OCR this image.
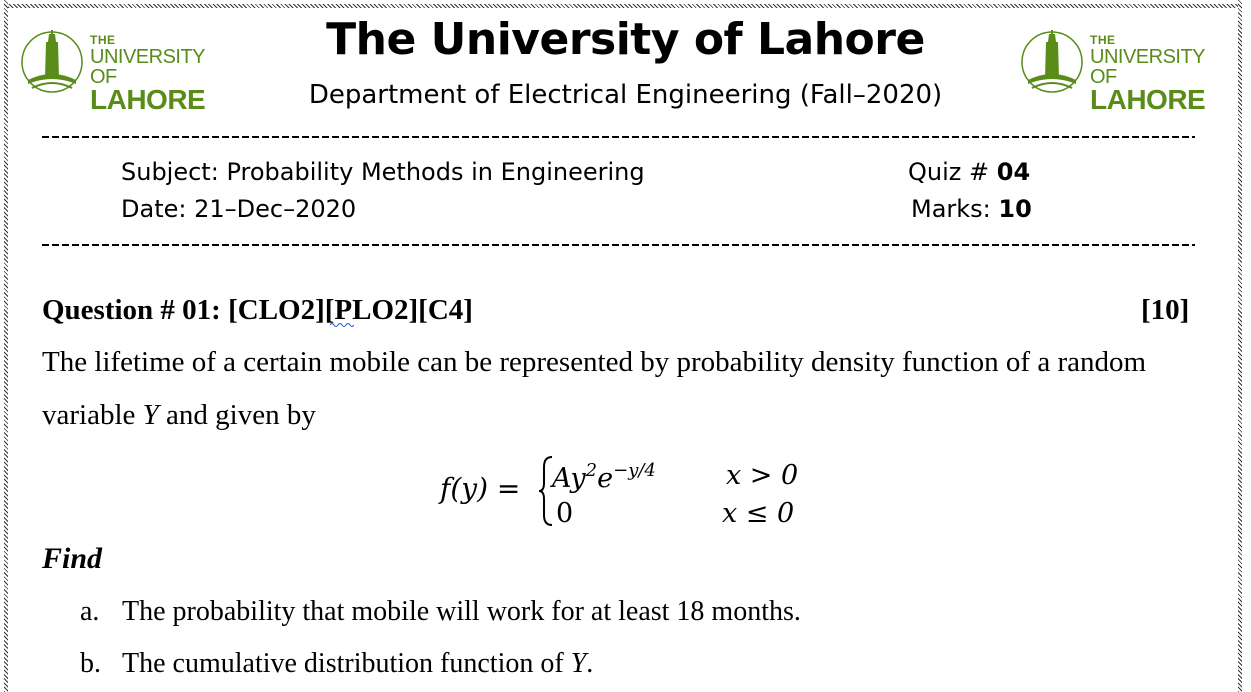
THE
UNIVERSITY OF
LAHORE
THE
UNIVERSITY OF
LAHORE
The University of Lahore
Department of Electrical Engineering (Fall–2020)
Subject: Probability Methods in Engineering
Date: 21–Dec–2020
Quiz # 04
Marks: 10
Question # 01: [CLO2][PLO2][C4]	[10]
The lifetime of a certain mobile can be represented by probability density function of a random
variable Y and given by
$f(y) = Ay^2e^{-y/4}$	x > 0
0	x ≤ 0
Find
a. The probability that mobile will work for at least 18 months.
b. The cumulative distribution function of Y.
